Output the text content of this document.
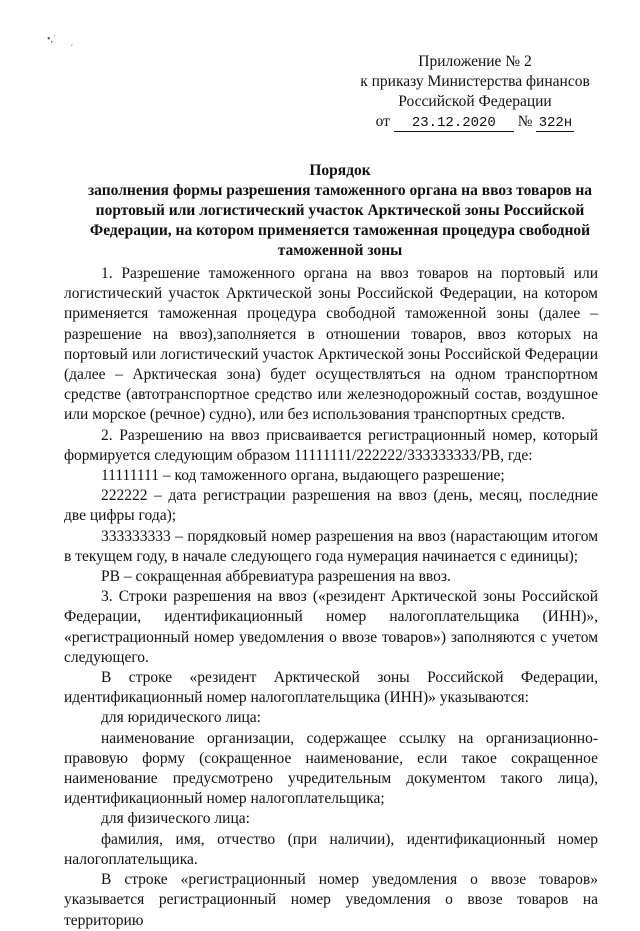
•,ˈ
ˊ
Приложение № 2
к приказу Министерства финансов
Российской Федерации
от 23.12.2020 № 322н
Порядок
заполнения формы разрешения таможенного органа на ввоз товаров на портовый или логистический участок Арктической зоны Российской Федерации, на котором применяется таможенная процедура свободной таможенной зоны

1. Разрешение таможенного органа на ввоз товаров на портовый или логистический участок Арктической зоны Российской Федерации, на котором применяется таможенная процедура свободной таможенной зоны (далее – разрешение на ввоз),заполняется в отношении товаров, ввоз которых на портовый или логистический участок Арктической зоны Российской Федерации (далее – Арктическая зона) будет осуществляться на одном транспортном средстве (автотранспортное средство или железнодорожный состав, воздушное или морское (речное) судно), или без использования транспортных средств.

2. Разрешению на ввоз присваивается регистрационный номер, который формируется следующим образом 11111111/222222/333333333/РВ, где:

11111111 – код таможенного органа, выдающего разрешение;

222222 – дата регистрации разрешения на ввоз (день, месяц, последние две цифры года);

333333333 – порядковый номер разрешения на ввоз (нарастающим итогом в текущем году, в начале следующего года нумерация начинается с единицы);

РВ – сокращенная аббревиатура разрешения на ввоз.

3. Строки разрешения на ввоз («резидент Арктической зоны Российской Федерации, идентификационный номер налогоплательщика (ИНН)», «регистрационный номер уведомления о ввозе товаров») заполняются с учетом следующего.

В строке «резидент Арктической зоны Российской Федерации, идентификационный номер налогоплательщика (ИНН)» указываются:

для юридического лица:

наименование организации, содержащее ссылку на организационно-правовую форму (сокращенное наименование, если такое сокращенное наименование предусмотрено учредительным документом такого лица), идентификационный номер налогоплательщика;

для физического лица:

фамилия, имя, отчество (при наличии), идентификационный номер налогоплательщика.

В строке «регистрационный номер уведомления о ввозе товаров» указывается регистрационный номер уведомления о ввозе товаров на территорию
